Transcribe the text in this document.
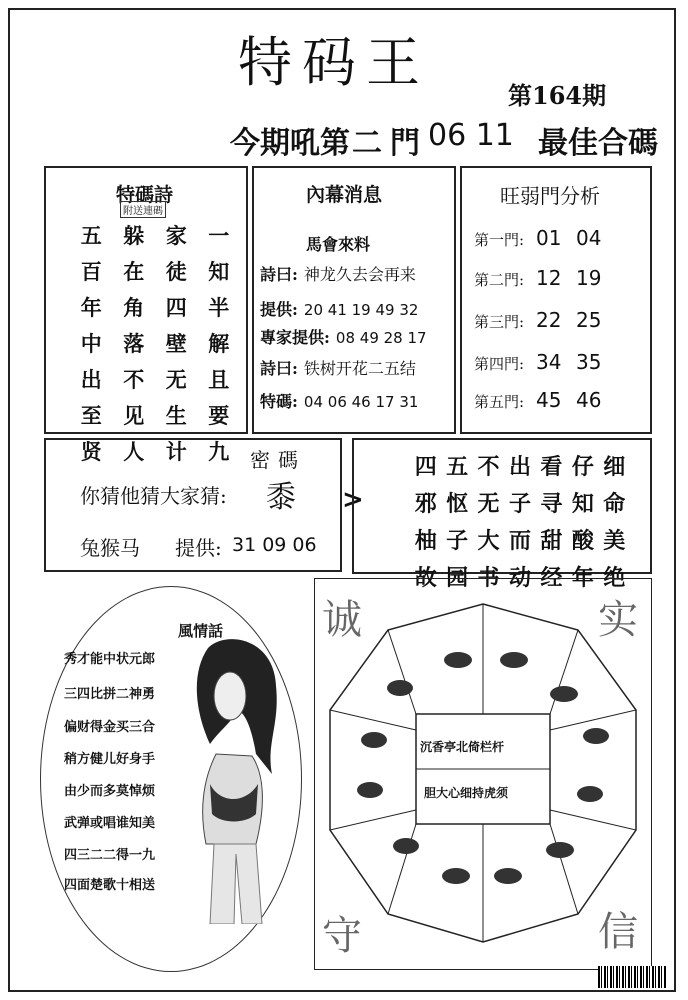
特码王
第164期
今期吼第 二 門 06 11 最佳合碼
特碼詩
附送連碼
五	躲	家	一
百	在	徒	知
年	角	四	半
中	落	壁	解
出	不	无	且
至	见	生	要
贤	人	计	九
內幕消息
馬會來料
詩曰: 神龙久去会再来
提供: 20 41 19 49 32
專家提供: 08 49 28 17
詩曰: 铁树开花二五结
特碼: 04 06 46 17 31
旺弱門分析
第一門: 01 04
第二門: 12 19
第三門: 22 25
第四門: 34 35
第五門: 45 46
密碼
你猜他猜大家猜: 黍
兔猴马 提供: 31 09 06
>
四 五 不 出 看 仔 细
邪 怄 无 子 寻 知 命
柚 子 大 而 甜 酸 美
故 园 书 动 经 年 绝
風情話
秀才能中状元郎
三四比拼二神勇
偏财得金买三合
稍方健儿好身手
由少而多莫悼烦
武弹或唱谁知美
四三二二得一九
四面楚歌十相送
沉香亭北倚栏杆
胆大心细持虎须
诚	实
守	信
